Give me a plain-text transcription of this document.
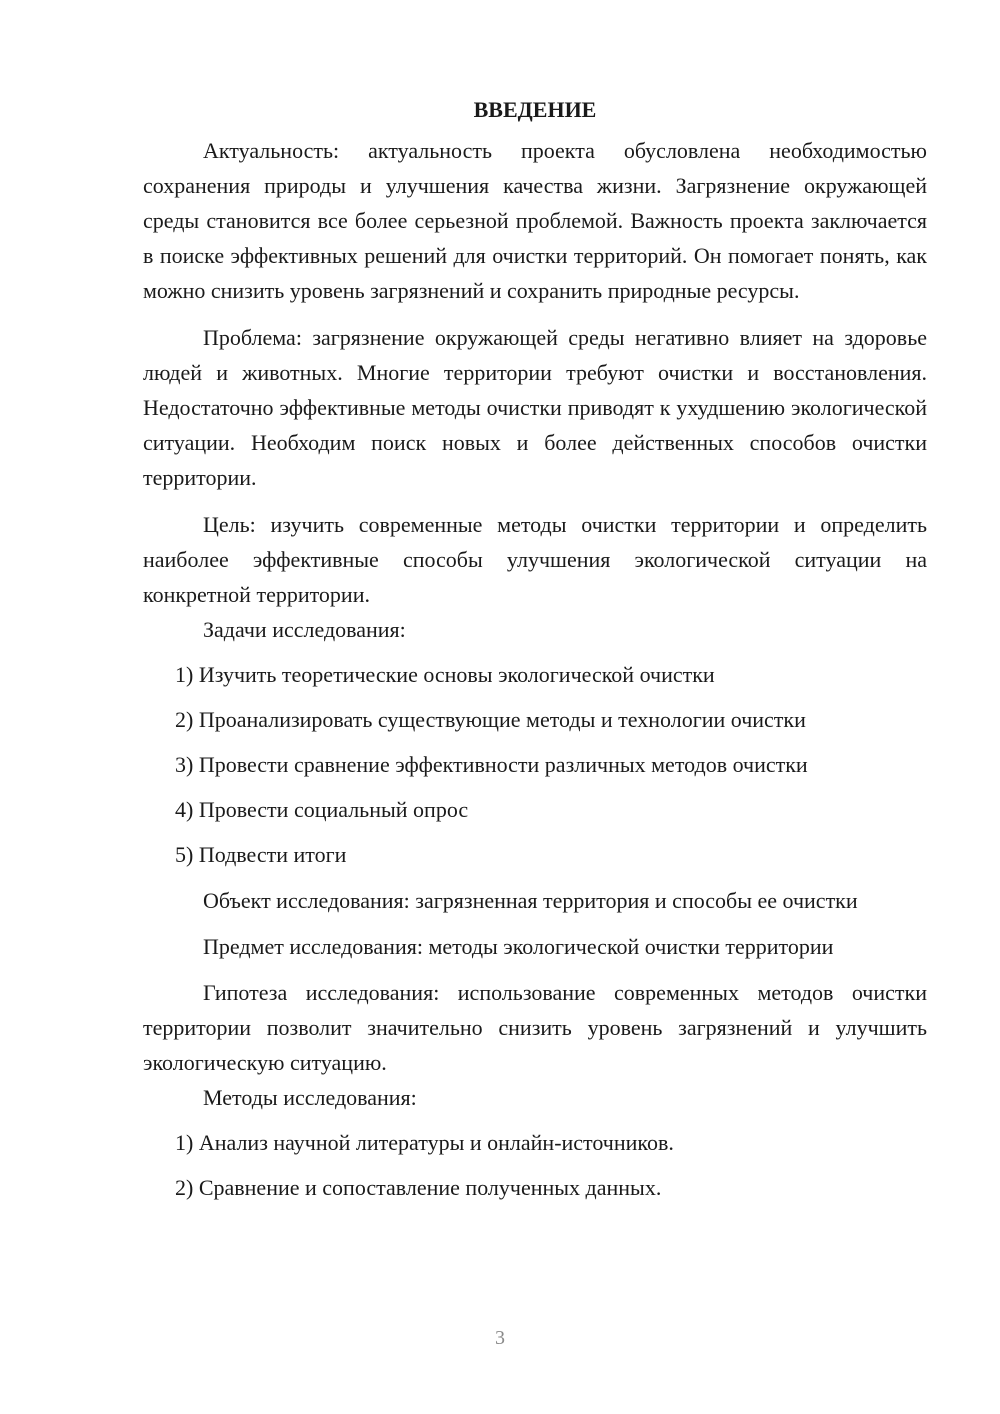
ВВЕДЕНИЕ

Актуальность: актуальность проекта обусловлена необходимостью сохранения природы и улучшения качества жизни. Загрязнение окружающей среды становится все более серьезной проблемой. Важность проекта заключается в поиске эффективных решений для очистки территорий. Он помогает понять, как можно снизить уровень загрязнений и сохранить природные ресурсы.

Проблема: загрязнение окружающей среды негативно влияет на здоровье людей и животных. Многие территории требуют очистки и восстановления. Недостаточно эффективные методы очистки приводят к ухудшению экологической ситуации. Необходим поиск новых и более действенных способов очистки территории.

Цель: изучить современные методы очистки территории и определить наиболее эффективные способы улучшения экологической ситуации на конкретной территории.

Задачи исследования:

1) Изучить теоретические основы экологической очистки

2) Проанализировать существующие методы и технологии очистки

3) Провести сравнение эффективности различных методов очистки

4) Провести социальный опрос

5) Подвести итоги

Объект исследования: загрязненная территория и способы ее очистки

Предмет исследования: методы экологической очистки территории

Гипотеза исследования: использование современных методов очистки территории позволит значительно снизить уровень загрязнений и улучшить экологическую ситуацию.

Методы исследования:

1) Анализ научной литературы и онлайн-источников.

2) Сравнение и сопоставление полученных данных.

3
